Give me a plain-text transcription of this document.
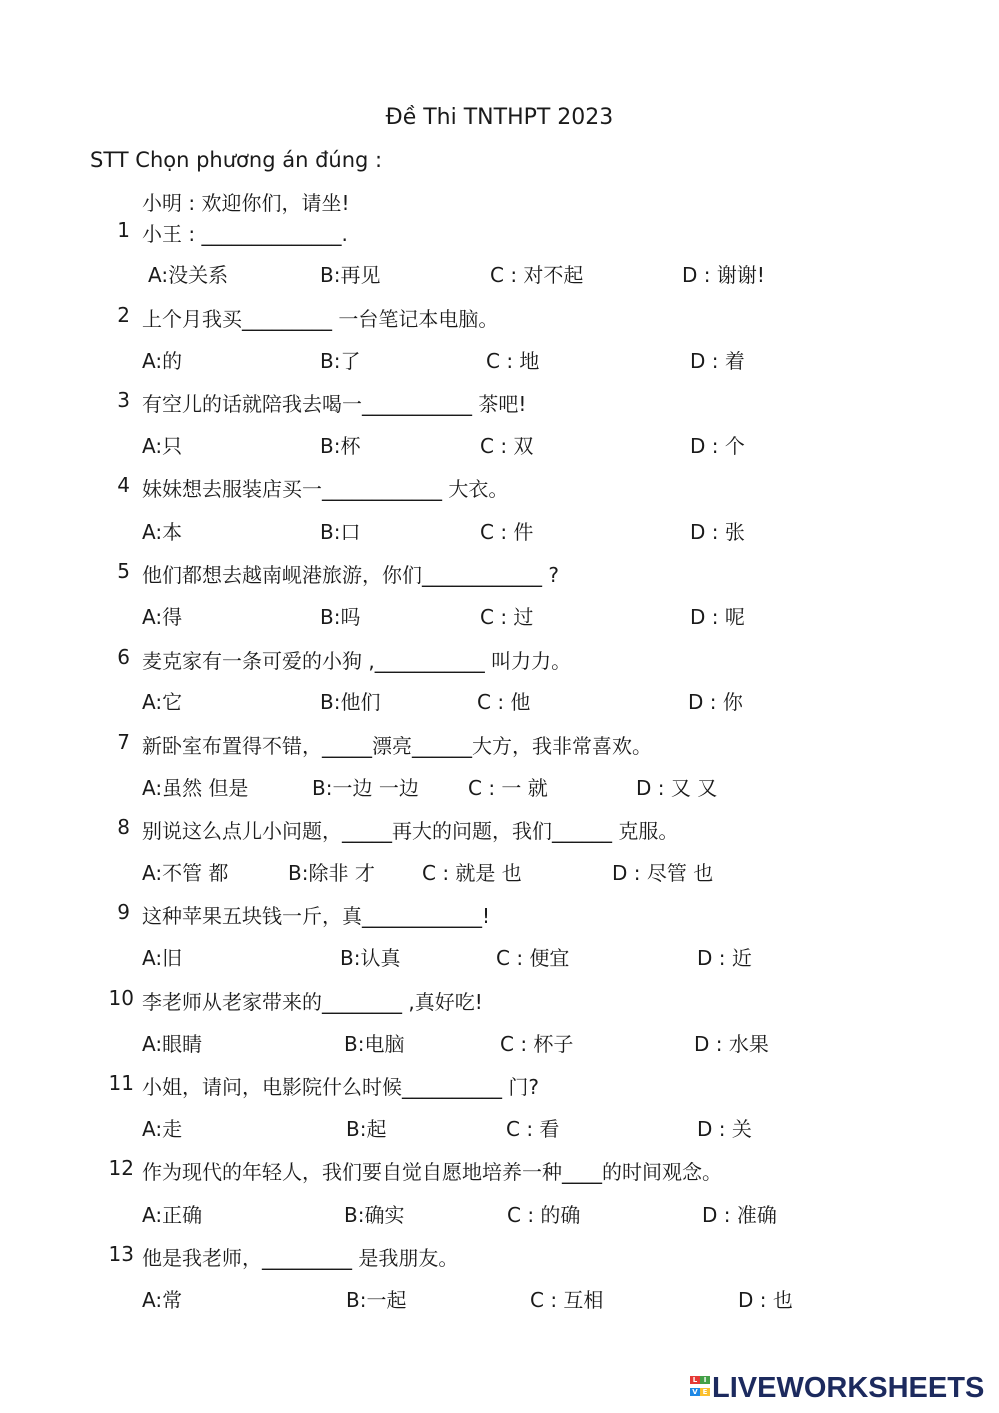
Đề Thi TNTHPT 2023
STT Chọn phương án đúng :
小明 : 欢迎你们，请坐!
1 小王 : ______________.
A:没关系	B:再见	C : 对不起	D : 谢谢!
2 上个月我买_________ 一台笔记本电脑。
A:的	B:了	C : 地	D : 着
3 有空儿的话就陪我去喝一___________ 茶吧!
A:只	B:杯	C : 双	D : 个
4 妹妹想去服装店买一____________ 大衣。
A:本	B:口	C : 件	D : 张
5 他们都想去越南岘港旅游，你们____________ ?
A:得	B:吗	C : 过	D : 呢
6 麦克家有一条可爱的小狗 ,___________ 叫力力。
A:它	B:他们	C : 他	D : 你
7 新卧室布置得不错，_____漂亮______大方，我非常喜欢。
A:虽然 但是	B:一边 一边 C : 一 就	D : 又 又
8 别说这么点儿小问题，_____再大的问题，我们______ 克服。
A:不管 都	B:除非 才 C : 就是 也	D : 尽管 也
9 这种苹果五块钱一斤，真____________!
A:旧	B:认真	C : 便宜	D : 近
10 李老师从老家带来的________ ,真好吃!
A:眼睛	B:电脑	C : 杯子	D : 水果
11 小姐，请问，电影院什么时候__________ 门?
A:走	B:起	C : 看	D : 关
12 作为现代的年轻人，我们要自觉自愿地培养一种____的时间观念。
A:正确	B:确实	C : 的确	D : 准确
13 他是我老师，_________ 是我朋友。
A:常	B:一起	C : 互相	D : 也
L I
V E LIVEWORKSHEETS
